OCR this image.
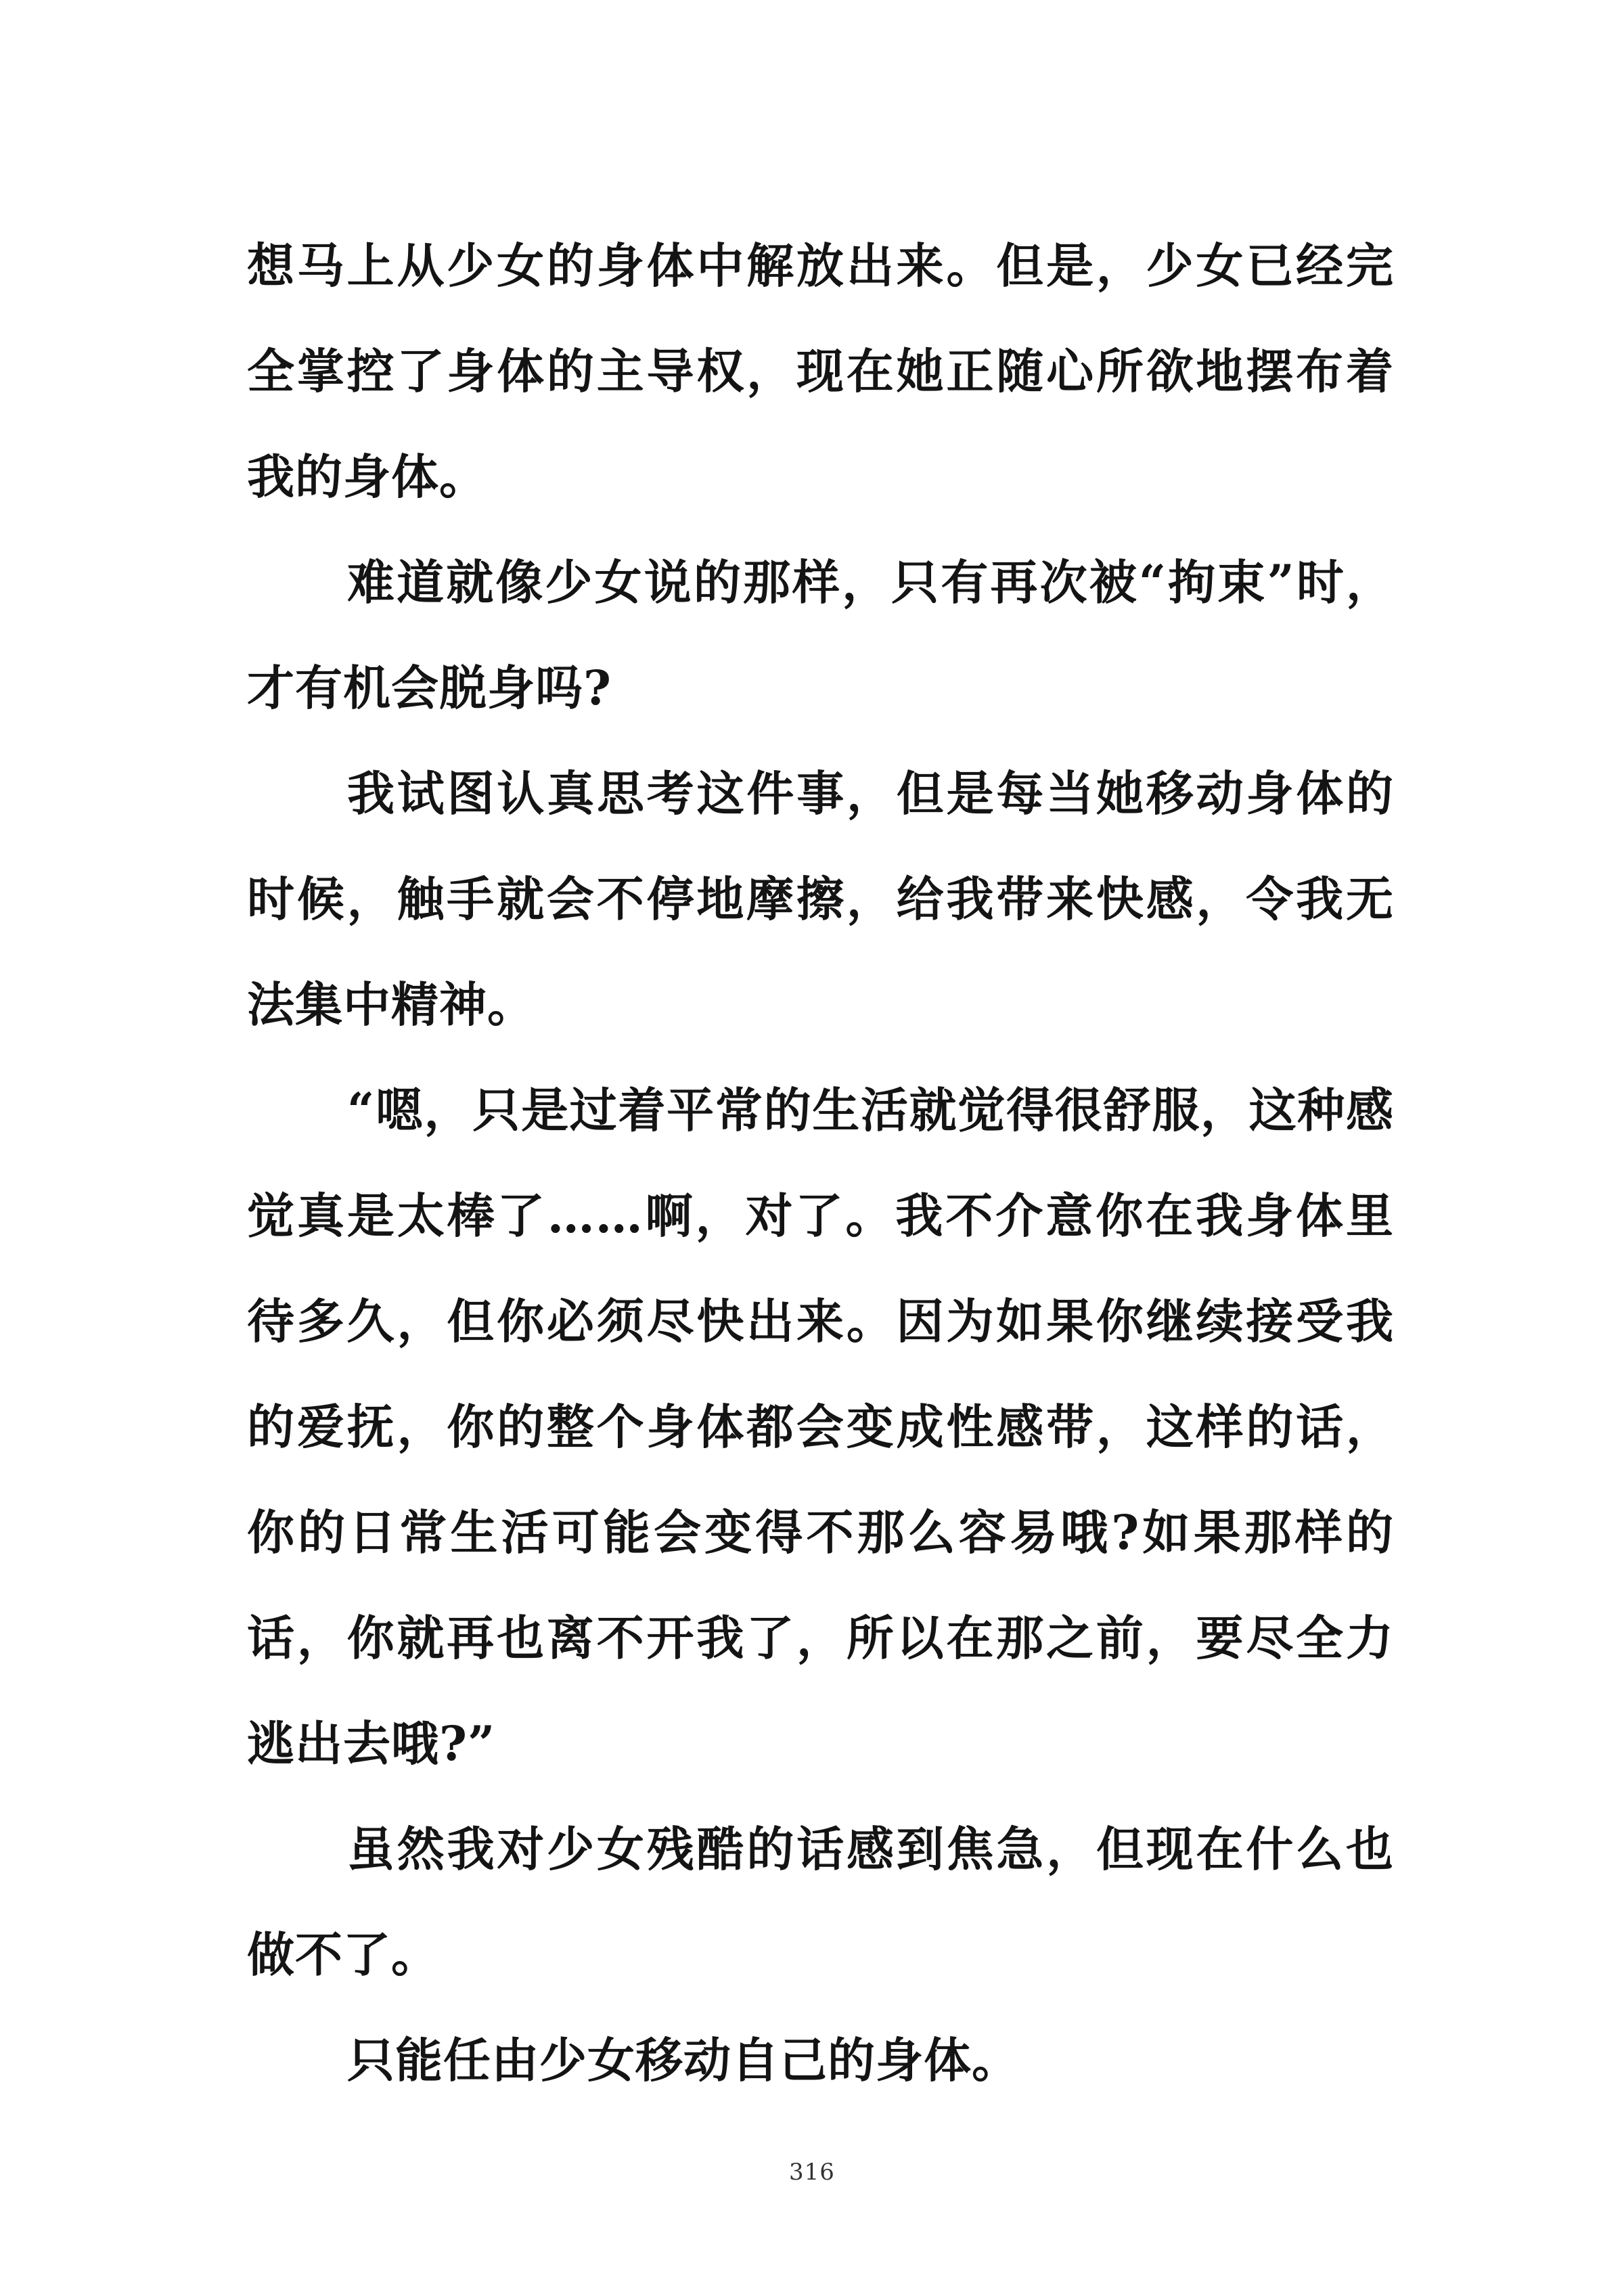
想马上从少女的身体中解放出来。但是，少女已经完全掌控了身体的主导权，现在她正随心所欲地摆布着我的身体。

难道就像少女说的那样，只有再次被“拘束”时，才有机会脱身吗?

我试图认真思考这件事，但是每当她移动身体的时候，触手就会不停地摩擦，给我带来快感，令我无法集中精神。

“嗯，只是过着平常的生活就觉得很舒服，这种感觉真是太棒了……啊，对了。我不介意你在我身体里待多久，但你必须尽快出来。因为如果你继续接受我的爱抚，你的整个身体都会变成性感带，这样的话，你的日常生活可能会变得不那么容易哦?如果那样的话，你就再也离不开我了，所以在那之前，要尽全力逃出去哦?”

虽然我对少女残酷的话感到焦急，但现在什么也做不了。

只能任由少女移动自己的身体。

316
